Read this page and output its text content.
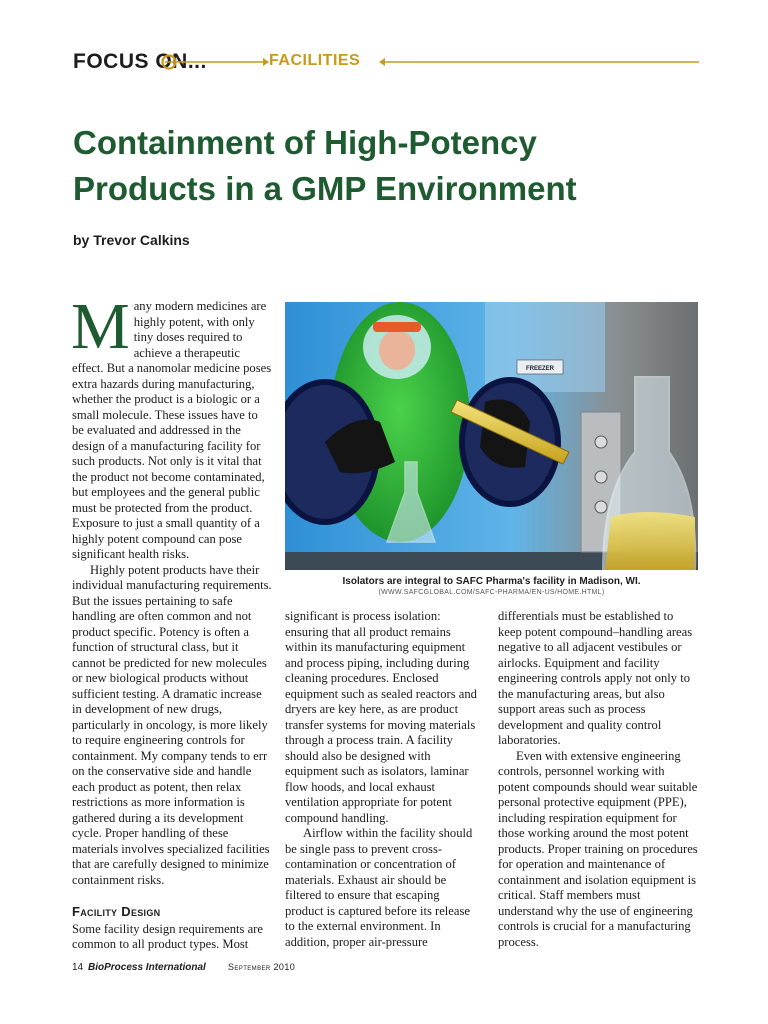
FOCUS ON...	FACILITIES
Containment of High-Potency
Products in a GMP Environment
by Trevor Calkins

Many modern medicines are highly potent, with only tiny doses required to achieve a therapeutic effect. But a nanomolar medicine poses extra hazards during manufacturing, whether the product is a biologic or a small molecule. These issues have to be evaluated and addressed in the design of a manufacturing facility for such products. Not only is it vital that the product not become contaminated, but employees and the general public must be protected from the product. Exposure to just a small quantity of a highly potent compound can pose significant health risks.

Highly potent products have their individual manufacturing requirements. But the issues pertaining to safe handling are often common and not product specific. Potency is often a function of structural class, but it cannot be predicted for new molecules or new biological products without sufficient testing. A dramatic increase in development of new drugs, particularly in oncology, is more likely to require engineering controls for containment. My company tends to err on the conservative side and handle each product as potent, then relax restrictions as more information is gathered during a its development cycle. Proper handling of these materials involves specialized facilities that are carefully designed to minimize containment risks.

Facility Design

Some facility design requirements are common to all product types. Most

FREEZER
Isolators are integral to SAFC Pharma's facility in Madison, WI.
(WWW.SAFCGLOBAL.COM/SAFC-PHARMA/EN-US/HOME.HTML)

significant is process isolation: ensuring that all product remains within its manufacturing equipment and process piping, including during cleaning procedures. Enclosed equipment such as sealed reactors and dryers are key here, as are product transfer systems for moving materials through a process train. A facility should also be designed with equipment such as isolators, laminar flow hoods, and local exhaust ventilation appropriate for potent compound handling.

Airflow within the facility should be single pass to prevent cross-contamination or concentration of materials. Exhaust air should be filtered to ensure that escaping product is captured before its release to the external environment. In addition, proper air-pressure

differentials must be established to keep potent compound–handling areas negative to all adjacent vestibules or airlocks. Equipment and facility engineering controls apply not only to the manufacturing areas, but also support areas such as process development and quality control laboratories.

Even with extensive engineering controls, personnel working with potent compounds should wear suitable personal protective equipment (PPE), including respiration equipment for those working around the most potent products. Proper training on procedures for operation and maintenance of containment and isolation equipment is critical. Staff members must understand why the use of engineering controls is crucial for a manufacturing process.

14 BioProcess International September 2010
